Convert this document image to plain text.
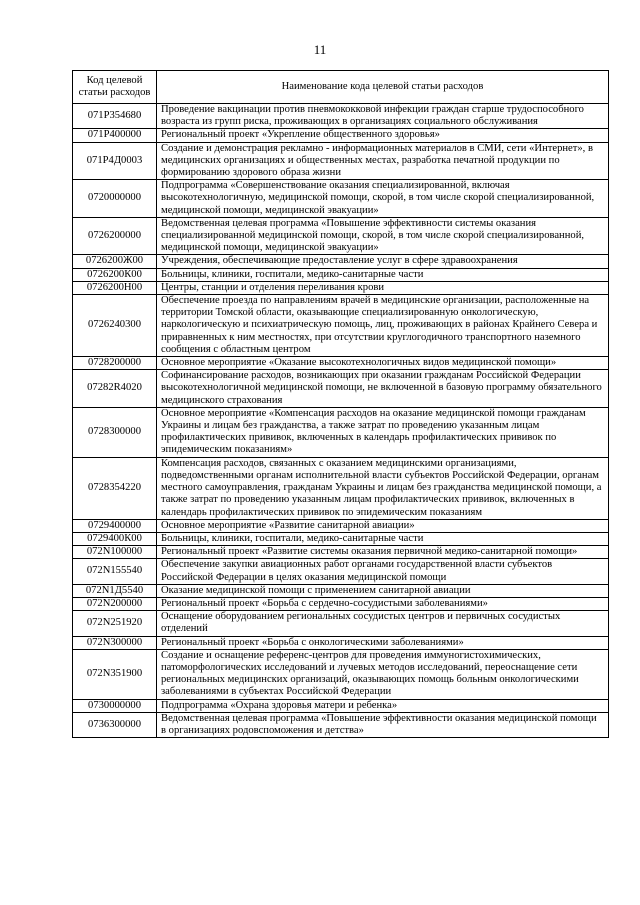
11
Код целевой статьи расходов	Наименование кода целевой статьи расходов
071Р354680	Проведение вакцинации против пневмококковой инфекции граждан старше трудоспособного возраста из групп риска, проживающих в организациях социального обслуживания
071Р400000	Региональный проект «Укрепление общественного здоровья»
071Р4Д0003	Создание и демонстрация рекламно - информационных материалов в СМИ, сети «Интернет», в медицинских организациях и общественных местах, разработка печатной продукции по формированию здорового образа жизни
0720000000	Подпрограмма «Совершенствование оказания специализированной, включая высокотехнологичную, медицинской помощи, скорой, в том числе скорой специализированной, медицинской помощи, медицинской эвакуации»
0726200000	Ведомственная целевая программа «Повышение эффективности системы оказания специализированной медицинской помощи, скорой, в том числе скорой специализированной, медицинской помощи, медицинской эвакуации»
0726200Ж00	Учреждения, обеспечивающие предоставление услуг в сфере здравоохранения
0726200К00	Больницы, клиники, госпитали, медико-санитарные части
0726200Н00	Центры, станции и отделения переливания крови
0726240300	Обеспечение проезда по направлениям врачей в медицинские организации, расположенные на территории Томской области, оказывающие специализированную онкологическую, наркологическую и психиатрическую помощь, лиц, проживающих в районах Крайнего Севера и приравненных к ним местностях, при отсутствии круглогодичного транспортного наземного сообщения с областным центром
0728200000	Основное мероприятие «Оказание высокотехнологичных видов медицинской помощи»
07282R4020	Софинансирование расходов, возникающих при оказании гражданам Российской Федерации высокотехнологичной медицинской помощи, не включенной в базовую программу обязательного медицинского страхования
0728300000	Основное мероприятие «Компенсация расходов на оказание медицинской помощи гражданам Украины и лицам без гражданства, а также затрат по проведению указанным лицам профилактических прививок, включенных в календарь профилактических прививок по эпидемическим показаниям»
0728354220	Компенсация расходов, связанных с оказанием медицинскими организациями, подведомственными органам исполнительной власти субъектов Российской Федерации, органам местного самоуправления, гражданам Украины и лицам без гражданства медицинской помощи, а также затрат по проведению указанным лицам профилактических прививок, включенных в календарь профилактических прививок по эпидемическим показаниям
0729400000	Основное мероприятие «Развитие санитарной авиации»
0729400К00	Больницы, клиники, госпитали, медико-санитарные части
072N100000	Региональный проект «Развитие системы оказания первичной медико-санитарной помощи»
072N155540	Обеспечение закупки авиационных работ органами государственной власти субъектов Российской Федерации в целях оказания медицинской помощи
072N1Д5540	Оказание медицинской помощи с применением санитарной авиации
072N200000	Региональный проект «Борьба с сердечно-сосудистыми заболеваниями»
072N251920	Оснащение оборудованием региональных сосудистых центров и первичных сосудистых отделений
072N300000	Региональный проект «Борьба с онкологическими заболеваниями»
072N351900	Создание и оснащение референс-центров для проведения иммуногистохимических, патоморфологических исследований и лучевых методов исследований, переоснащение сети региональных медицинских организаций, оказывающих помощь больным онкологическими заболеваниями в субъектах Российской Федерации
0730000000	Подпрограмма «Охрана здоровья матери и ребенка»
0736300000	Ведомственная целевая программа «Повышение эффективности оказания медицинской помощи в организациях родовспоможения и детства»
